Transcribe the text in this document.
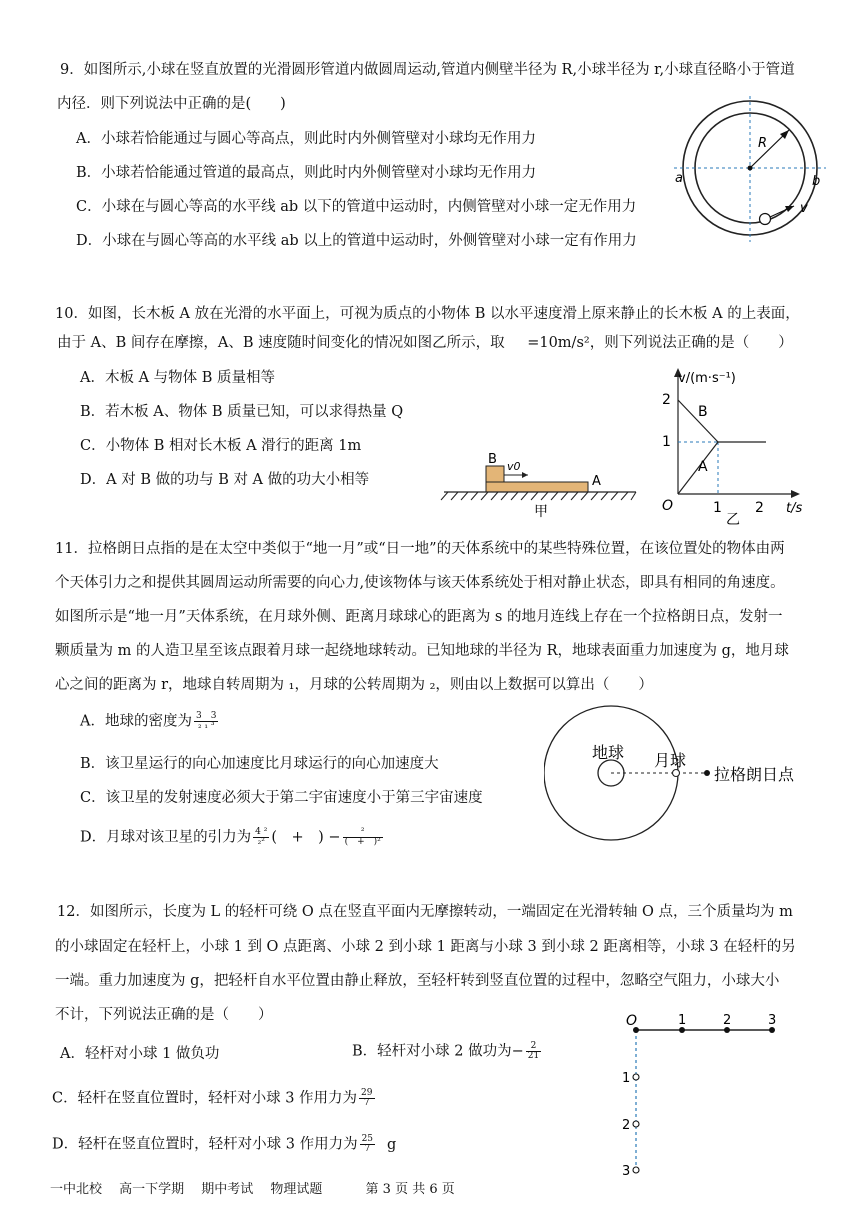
9．如图所示,小球在竖直放置的光滑圆形管道内做圆周运动,管道内侧壁半径为 R,小球半径为 r,小球直径略小于管道
内径．则下列说法中正确的是(　　)
A．小球若恰能通过与圆心等高点，则此时内外侧管壁对小球均无作用力
B．小球若恰能通过管道的最高点，则此时内外侧管壁对小球均无作用力
C．小球在与圆心等高的水平线 ab 以下的管道中运动时，内侧管壁对小球一定无作用力
D．小球在与圆心等高的水平线 ab 以上的管道中运动时，外侧管壁对小球一定有作用力
R
a	b
v
10．如图，长木板 A 放在光滑的水平面上，可视为质点的小物体 B 以水平速度滑上原来静止的长木板 A 的上表面，
由于 A、B 间存在摩擦，A、B 速度随时间变化的情况如图乙所示，取 =10m/s²，则下列说法正确的是（　　）
A．木板 A 与物体 B 质量相等
B．若木板 A、物体 B 质量已知，可以求得热量 Q
C．小物体 B 相对长木板 A 滑行的距离 1m
D．A 对 B 做的功与 B 对 A 做的功大小相等
B v0
A
甲
v/(m·s⁻¹)
t/s
O
2
1
1 2
B
A
乙
11．拉格朗日点指的是在太空中类似于“地一月”或“日一地”的天体系统中的某些特殊位置，在该位置处的物体由两
个天体引力之和提供其圆周运动所需要的向心力,使该物体与该天体系统处于相对静止状态，即具有相同的角速度。
如图所示是“地一月”天体系统，在月球外侧、距离月球球心的距离为 s 的地月连线上存在一个拉格朗日点，发射一
颗质量为 m 的人造卫星至该点跟着月球一起绕地球转动。已知地球的半径为 R，地球表面重力加速度为 g，地月球
心之间的距离为 r，地球自转周期为 ₁，月球的公转周期为 ₂，则由以上数据可以算出（　　）
A．地球的密度为 $\frac{3 3}{\text{₂ ₁ ³}}$
B．该卫星运行的向心加速度比月球运行的向心加速度大
C．该卫星的发射速度必须大于第二宇宙速度小于第三宇宙速度
D．月球对该卫星的引力为 $\frac{\text{4 ²}}{\text{₂²}}$ (　+　) − $\frac{\text{²}}{\text{(　+　)²}}$
地球 月球
拉格朗日点
12．如图所示，长度为 L 的轻杆可绕 O 点在竖直平面内无摩擦转动，一端固定在光滑转轴 O 点，三个质量均为 m
的小球固定在轻杆上，小球 1 到 O 点距离、小球 2 到小球 1 距离与小球 3 到小球 2 距离相等，小球 3 在轻杆的另
一端。重力加速度为 g，把轻杆自水平位置由静止释放，至轻杆转到竖直位置的过程中，忽略空气阻力，小球大小
不计，下列说法正确的是（　　）
A．轻杆对小球 1 做负功	B．轻杆对小球 2 做功为− $\frac{2}{21}$
C．轻杆在竖直位置时，轻杆对小球 3 作用力为 $\frac{29}{7}$
D．轻杆在竖直位置时，轻杆对小球 3 作用力为 $\frac{25}{7}$ g
O	1	2	3
1
2
3
一中北校　 高一下学期　 期中考试　 物理试题　　　 第 3 页 共 6 页
